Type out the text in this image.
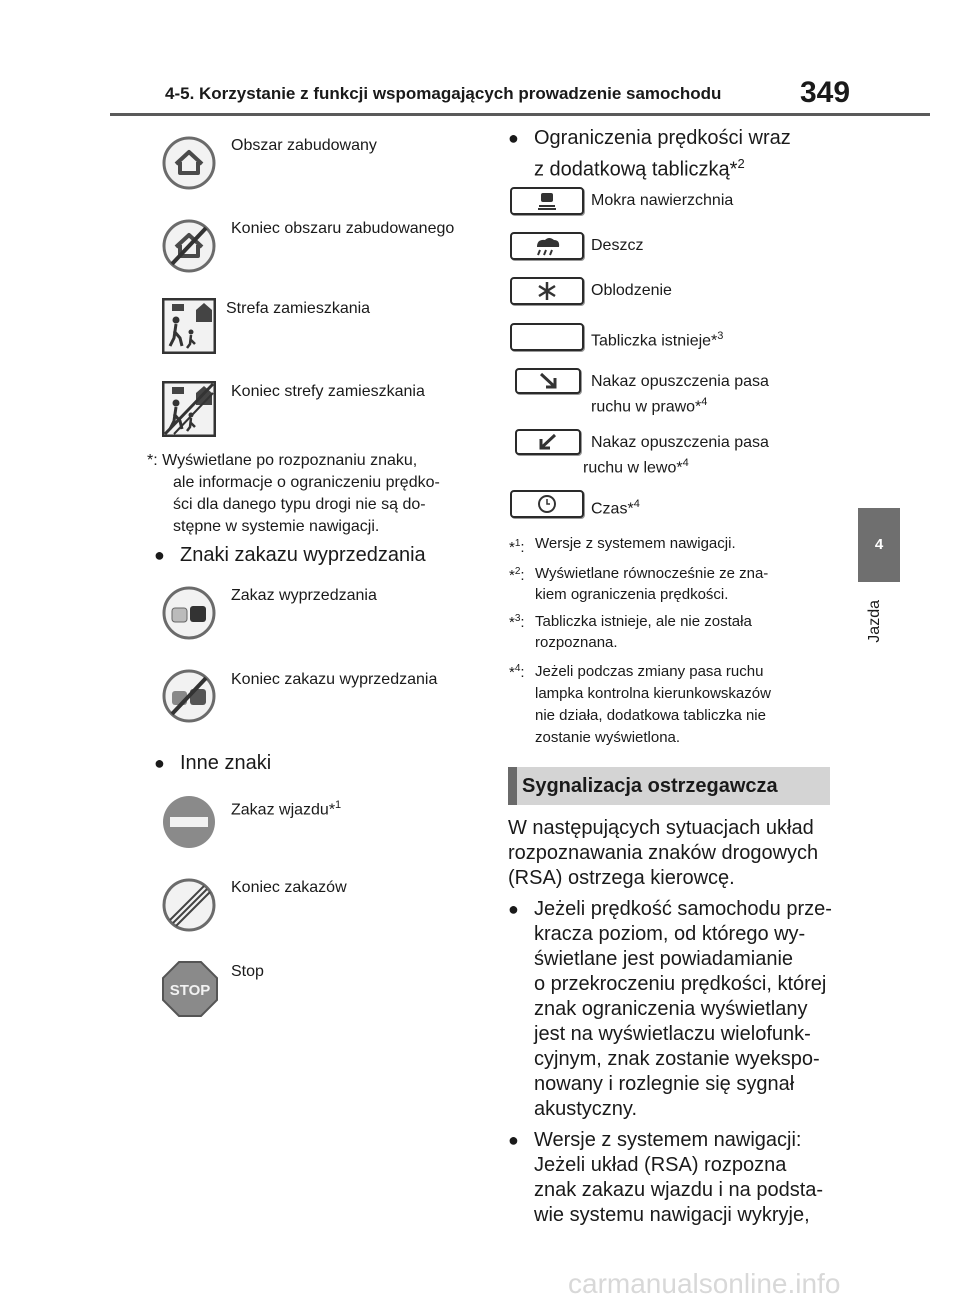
4-5. Korzystanie z funkcji wspomagających prowadzenie samochodu	349
4
Jazda
Obszar zabudowany
Koniec obszaru zabudowanego
Strefa zamieszkania
Koniec strefy zamieszkania
*: Wyświetlane po rozpoznaniu znaku,
ale informacje o ograniczeniu prędko-
ści dla danego typu drogi nie są do-
stępne w systemie nawigacji.
● Znaki zakazu wyprzedzania
Zakaz wyprzedzania
Koniec zakazu wyprzedzania
● Inne znaki
Zakaz wjazdu*$^1$
Koniec zakazów
STOP
Stop
● Ograniczenia prędkości wraz
z dodatkową tabliczką*$^2$
Mokra nawierzchnia
Deszcz
Oblodzenie
Tabliczka istnieje*$^3$
Nakaz opuszczenia pasa
ruchu w prawo*$^4$
Nakaz opuszczenia pasa
ruchu w lewo*$^4$
Czas*$^4$
*$^1$: Wersje z systemem nawigacji.
*$^2$: Wyświetlane równocześnie ze zna-
kiem ograniczenia prędkości.
*$^3$: Tabliczka istnieje, ale nie została
rozpoznana.
*$^4$: Jeżeli podczas zmiany pasa ruchu
lampka kontrolna kierunkowskazów
nie działa, dodatkowa tabliczka nie
zostanie wyświetlona.
Sygnalizacja ostrzegawcza
W następujących sytuacjach układ
rozpoznawania znaków drogowych
(RSA) ostrzega kierowcę.
● Jeżeli prędkość samochodu prze-
kracza poziom, od którego wy-
świetlane jest powiadamianie
o przekroczeniu prędkości, której
znak ograniczenia wyświetlany
jest na wyświetlaczu wielofunk-
cyjnym, znak zostanie wyekspo-
nowany i rozlegnie się sygnał
akustyczny.
● Wersje z systemem nawigacji:
Jeżeli układ (RSA) rozpozna
znak zakazu wjazdu i na podsta-
wie systemu nawigacji wykryje,
carmanualsonline.info
